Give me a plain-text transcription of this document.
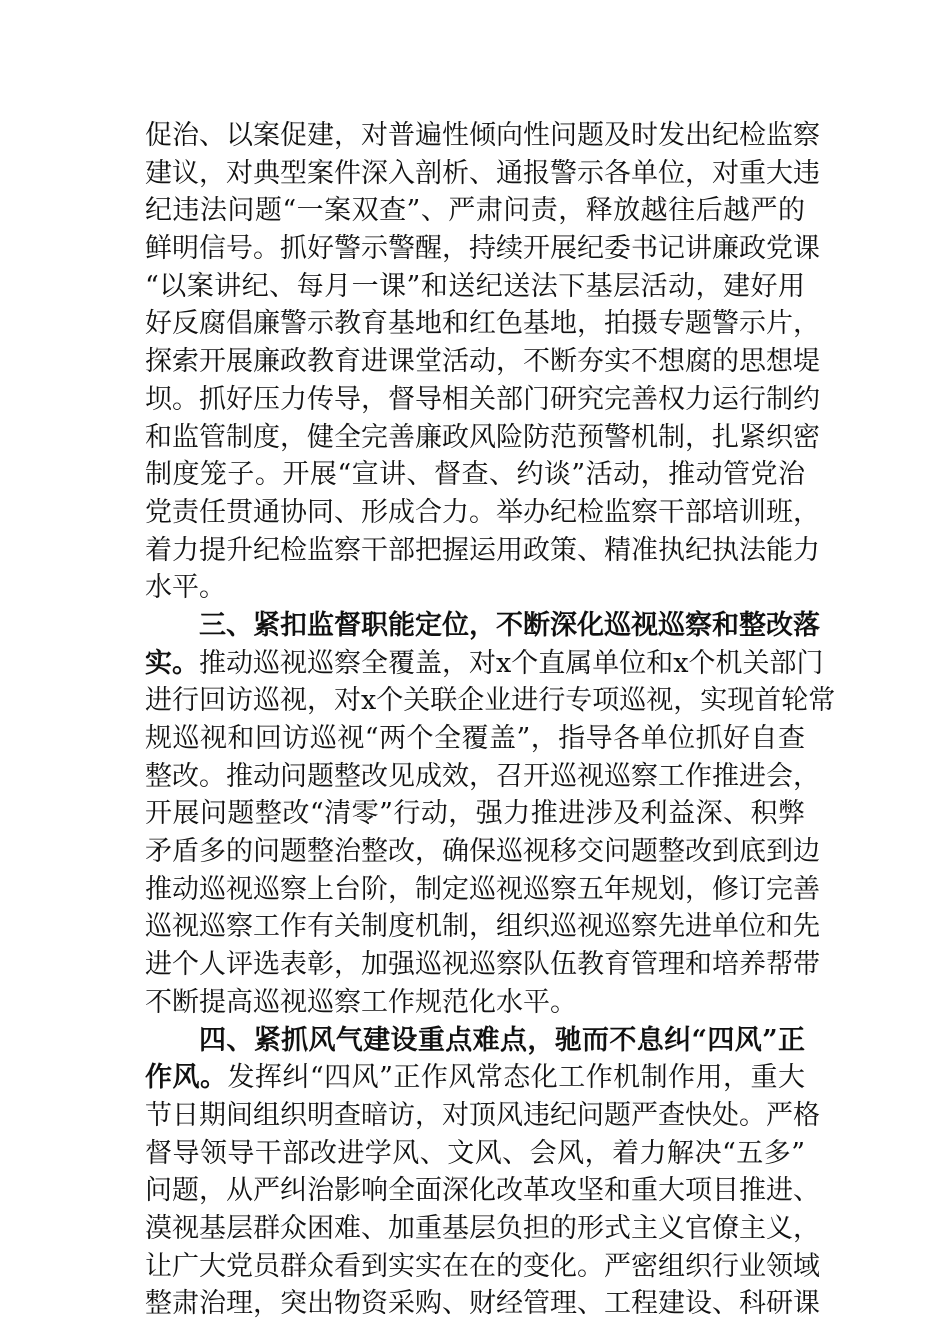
促治、以案促建，对普遍性倾向性问题及时发出纪检监察
建议，对典型案件深入剖析、通报警示各单位，对重大违
纪违法问题“一案双查”、严肃问责，释放越往后越严的
鲜明信号。抓好警示警醒，持续开展纪委书记讲廉政党课
“以案讲纪、每月一课”和送纪送法下基层活动，建好用
好反腐倡廉警示教育基地和红色基地，拍摄专题警示片，
探索开展廉政教育进课堂活动，不断夯实不想腐的思想堤
坝。抓好压力传导，督导相关部门研究完善权力运行制约
和监管制度，健全完善廉政风险防范预警机制，扎紧织密
制度笼子。开展“宣讲、督查、约谈”活动，推动管党治
党责任贯通协同、形成合力。举办纪检监察干部培训班，
着力提升纪检监察干部把握运用政策、精准执纪执法能力
水平。
三、紧扣监督职能定位，不断深化巡视巡察和整改落
实。推动巡视巡察全覆盖，对x个直属单位和x个机关部门
进行回访巡视，对x个关联企业进行专项巡视，实现首轮常
规巡视和回访巡视“两个全覆盖”，指导各单位抓好自查
整改。推动问题整改见成效，召开巡视巡察工作推进会，
开展问题整改“清零”行动，强力推进涉及利益深、积弊
矛盾多的问题整治整改，确保巡视移交问题整改到底到边
推动巡视巡察上台阶，制定巡视巡察五年规划，修订完善
巡视巡察工作有关制度机制，组织巡视巡察先进单位和先
进个人评选表彰，加强巡视巡察队伍教育管理和培养帮带
不断提高巡视巡察工作规范化水平。
四、紧抓风气建设重点难点，驰而不息纠“四风”正
作风。发挥纠“四风”正作风常态化工作机制作用，重大
节日期间组织明查暗访，对顶风违纪问题严查快处。严格
督导领导干部改进学风、文风、会风，着力解决“五多”
问题，从严纠治影响全面深化改革攻坚和重大项目推进、
漠视基层群众困难、加重基层负担的形式主义官僚主义，
让广大党员群众看到实实在在的变化。严密组织行业领域
整肃治理，突出物资采购、财经管理、工程建设、科研课
